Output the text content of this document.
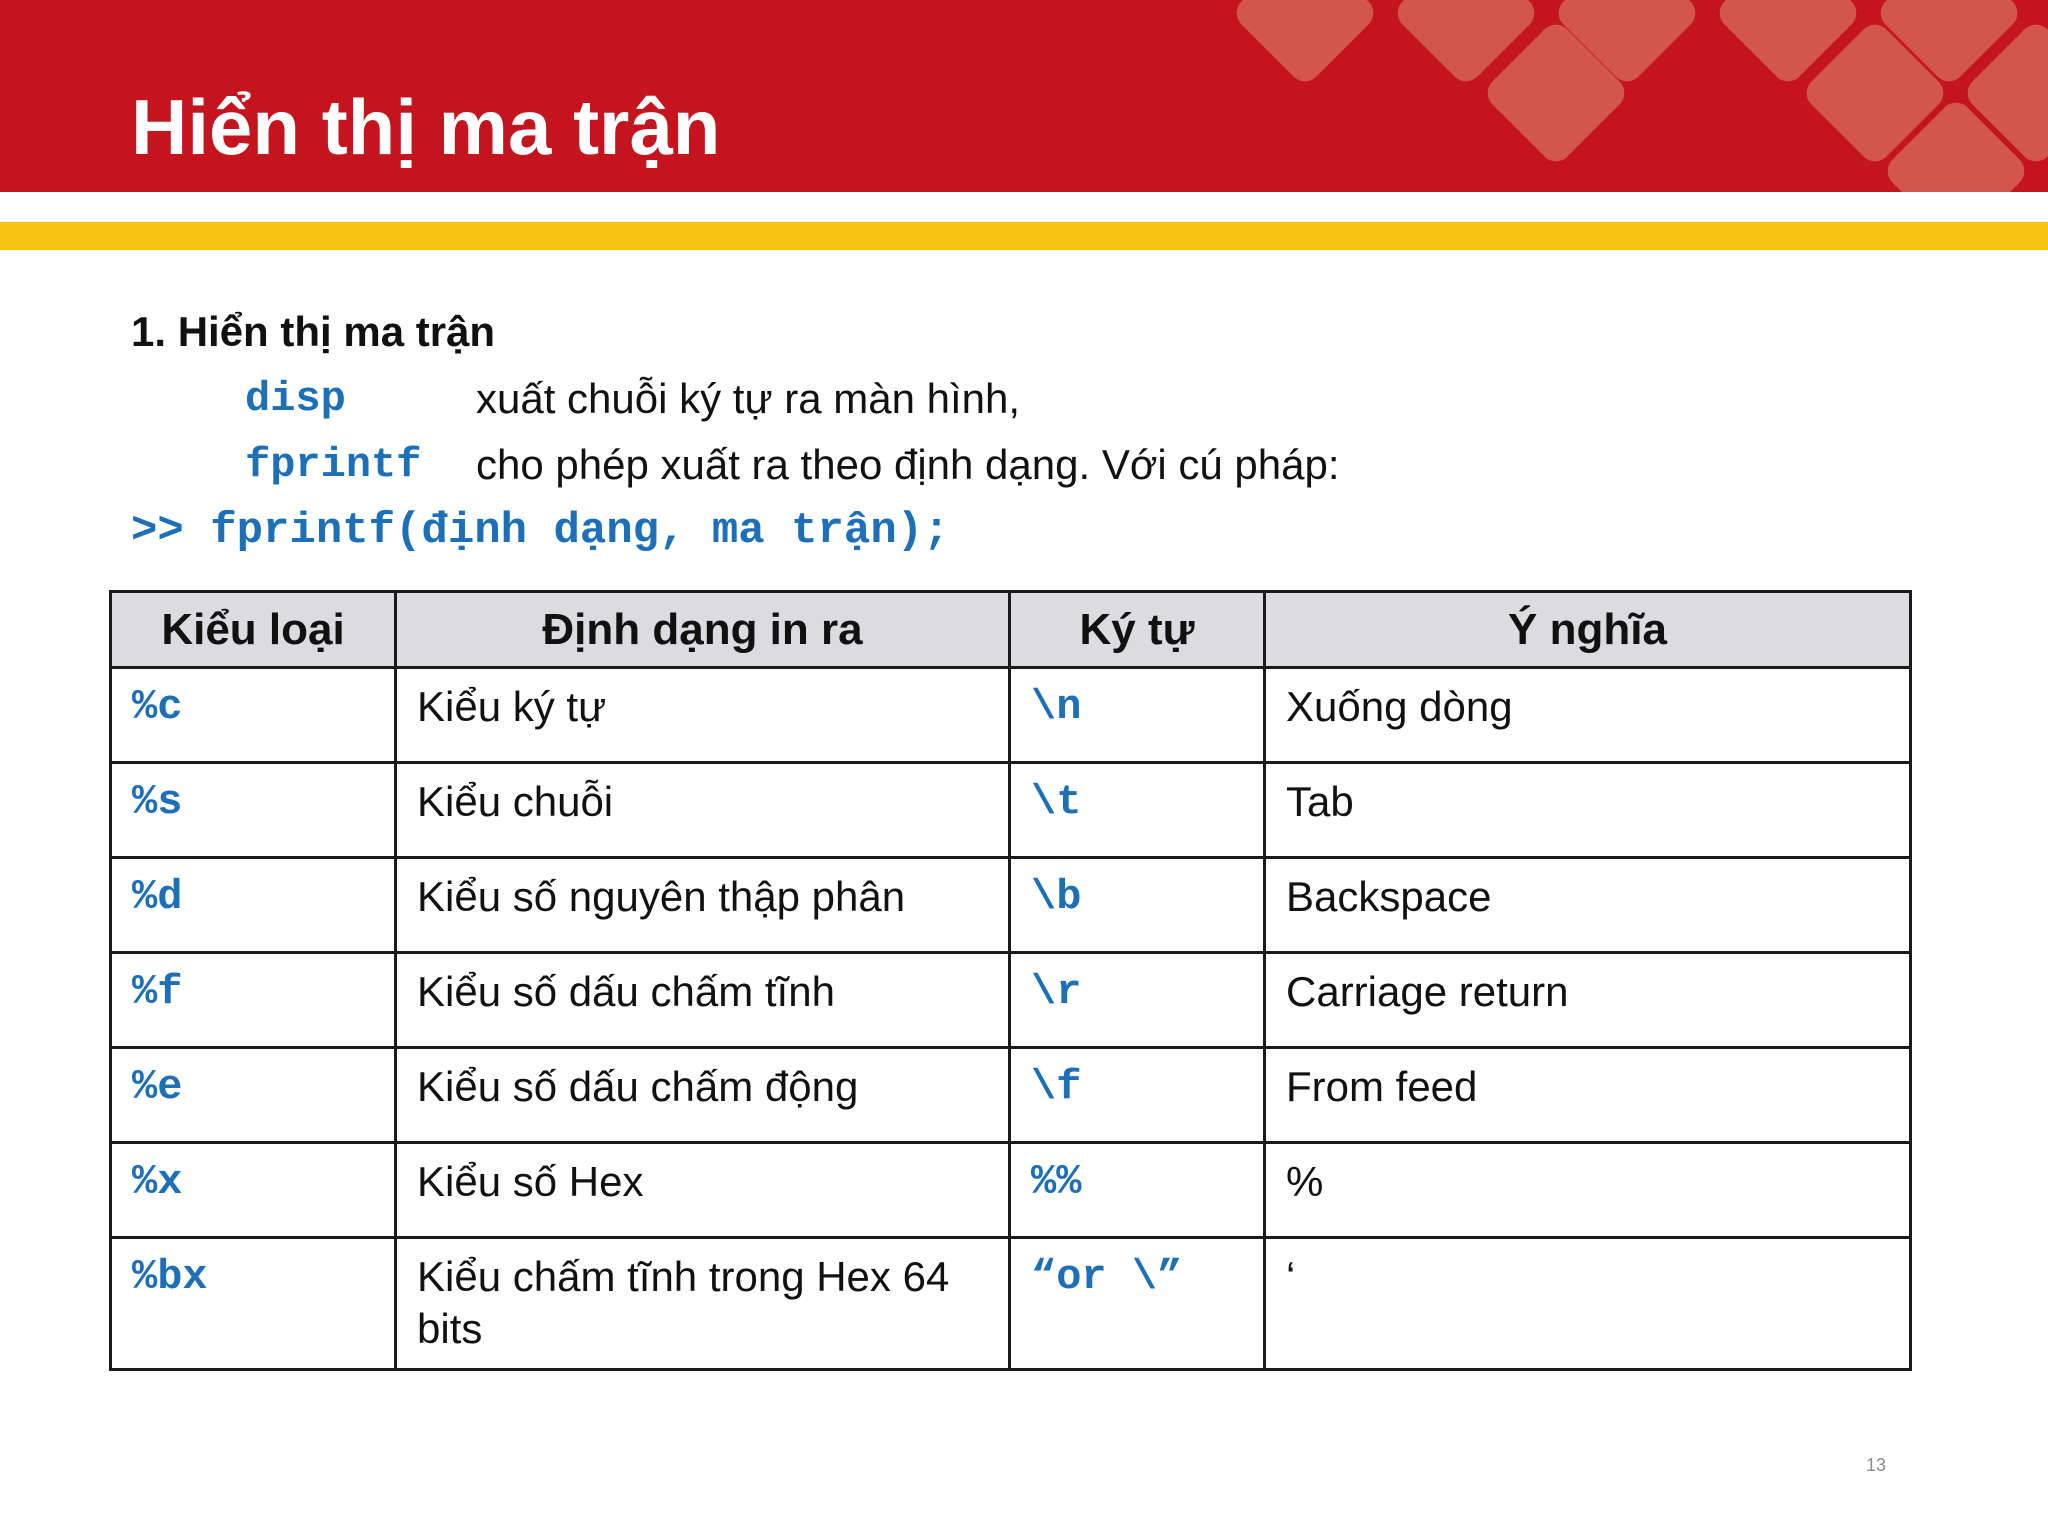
Hiển thị ma trận
1. Hiển thị ma trận
disp	xuất chuỗi ký tự ra màn hình,
fprintf cho phép xuất ra theo định dạng. Với cú pháp:
>> fprintf(định dạng, ma trận);
Kiểu loại	Định dạng in ra	Ký tự	Ý nghĩa
%c	Kiểu ký tự	\n	Xuống dòng
%s	Kiểu chuỗi	\t	Tab
%d	Kiểu số nguyên thập phân	\b	Backspace
%f	Kiểu số dấu chấm tĩnh	\r	Carriage return
%e	Kiểu số dấu chấm động	\f	From feed
%x	Kiểu số Hex	%%	%
%bx	Kiểu chấm tĩnh trong Hex 64 bits	“or \”	‘
13
